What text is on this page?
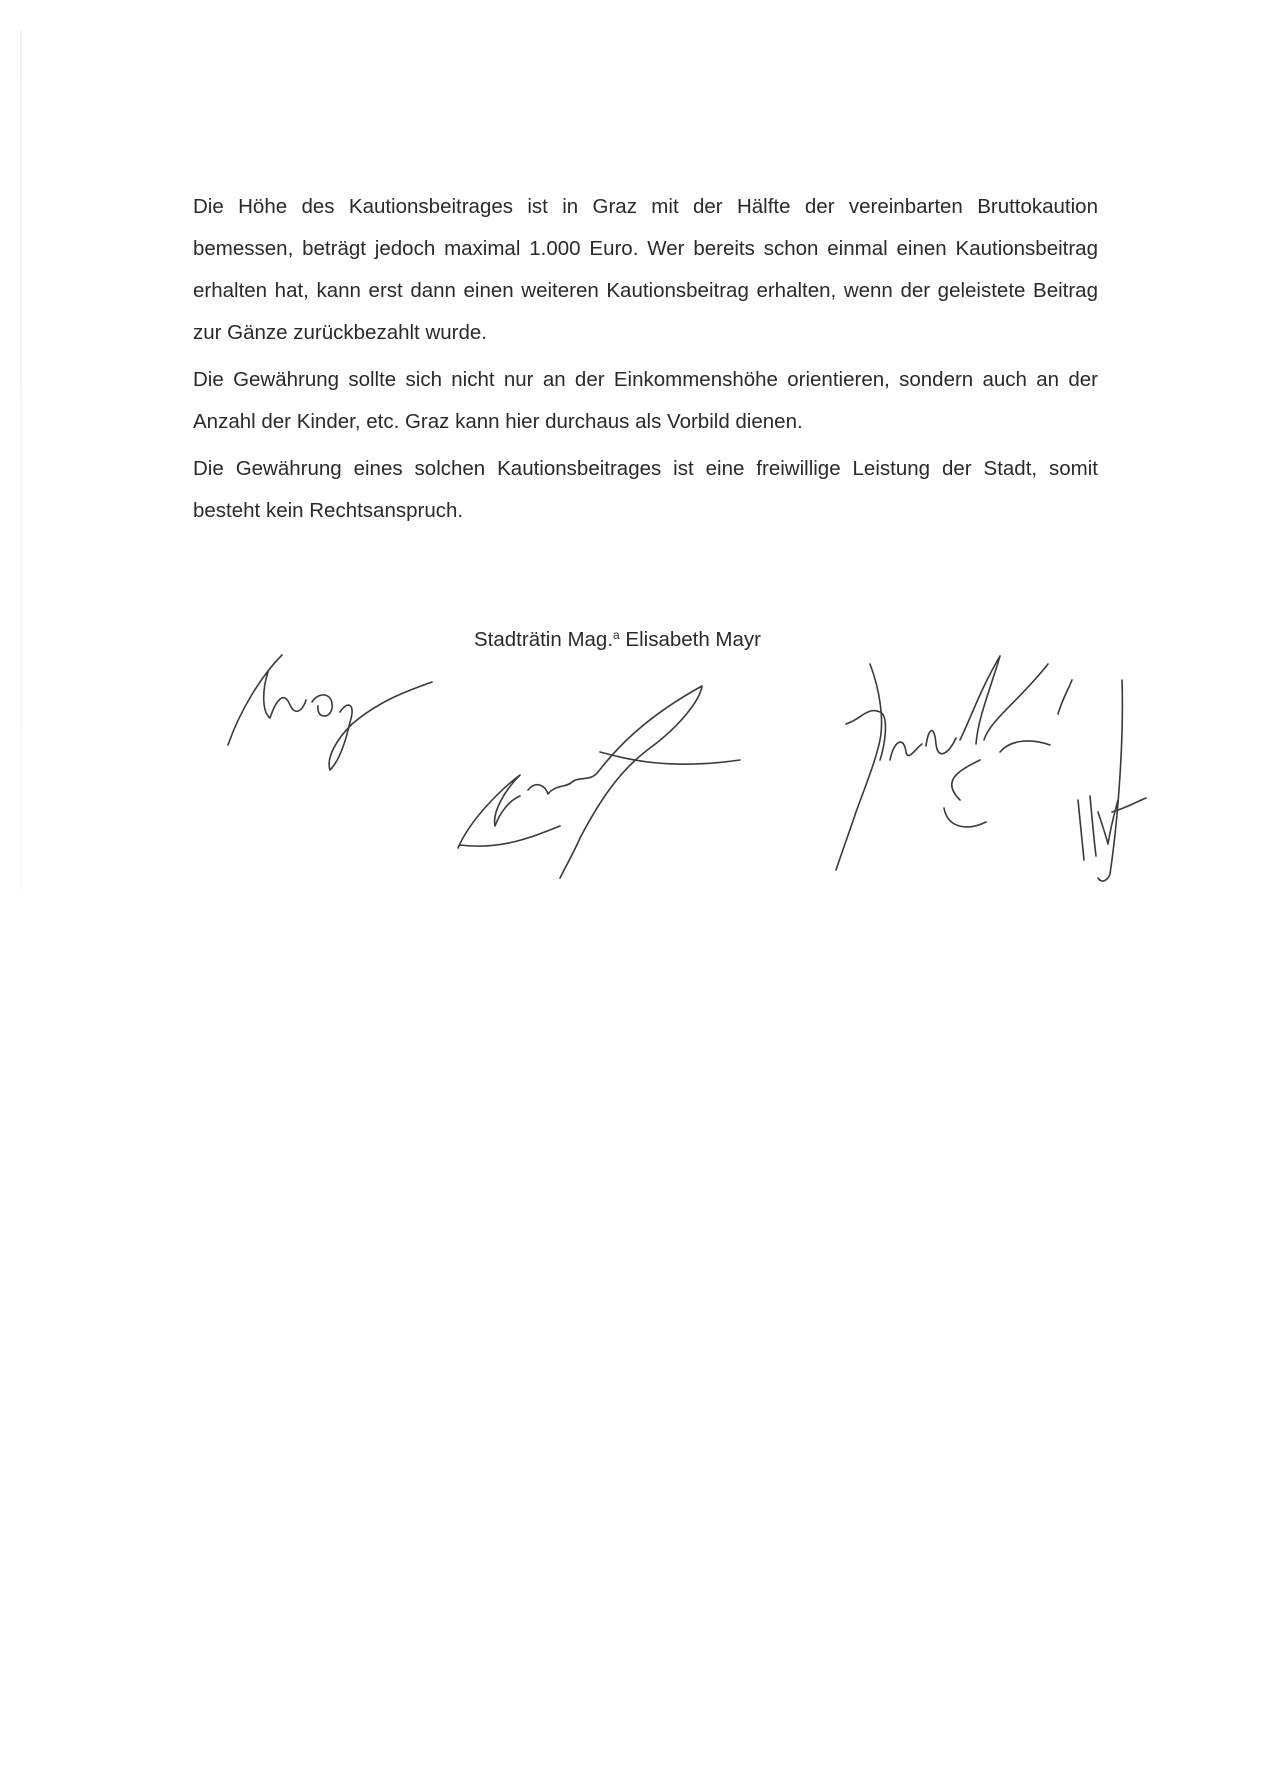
Die Höhe des Kautionsbeitrages ist in Graz mit der Hälfte der vereinbarten Bruttokaution bemessen, beträgt jedoch maximal 1.000 Euro. Wer bereits schon einmal einen Kautionsbeitrag erhalten hat, kann erst dann einen weiteren Kautionsbeitrag erhalten, wenn der geleistete Beitrag zur Gänze zurückbezahlt wurde.

Die Gewährung sollte sich nicht nur an der Einkommenshöhe orientieren, sondern auch an der Anzahl der Kinder, etc. Graz kann hier durchaus als Vorbild dienen.

Die Gewährung eines solchen Kautionsbeitrages ist eine freiwillige Leistung der Stadt, somit besteht kein Rechtsanspruch.

Stadträtin Mag.$^a$ Elisabeth Mayr
